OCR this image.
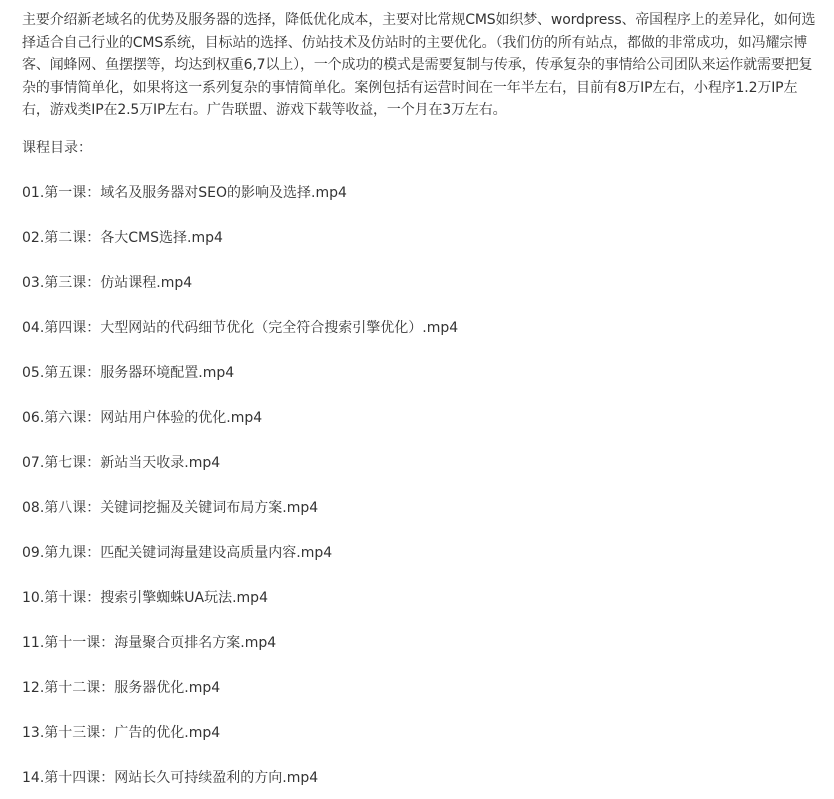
主要介绍新老域名的优势及服务器的选择，降低优化成本，主要对比常规CMS如织梦、wordpress、帝国程序上的差异化，如何选择适合自己行业的CMS系统，目标站的选择、仿站技术及仿站时的主要优化。（我们仿的所有站点，都做的非常成功，如冯耀宗博客、闻蜂网、鱼摆摆等，均达到权重6,7以上），一个成功的模式是需要复制与传承，传承复杂的事情给公司团队来运作就需要把复杂的事情简单化，如果将这一系列复杂的事情简单化。案例包括有运营时间在一年半左右，目前有8万IP左右，小程序1.2万IP左右，游戏类IP在2.5万IP左右。广告联盟、游戏下载等收益，一个月在3万左右。

课程目录：

01.第一课：域名及服务器对SEO的影响及选择.mp4
02.第二课：各大CMS选择.mp4
03.第三课：仿站课程.mp4
04.第四课：大型网站的代码细节优化（完全符合搜索引擎优化）.mp4
05.第五课：服务器环境配置.mp4
06.第六课：网站用户体验的优化.mp4
07.第七课：新站当天收录.mp4
08.第八课：关键词挖掘及关键词布局方案.mp4
09.第九课：匹配关键词海量建设高质量内容.mp4
10.第十课：搜索引擎蜘蛛UA玩法.mp4
11.第十一课：海量聚合页排名方案.mp4
12.第十二课：服务器优化.mp4
13.第十三课：广告的优化.mp4
14.第十四课：网站长久可持续盈利的方向.mp4
